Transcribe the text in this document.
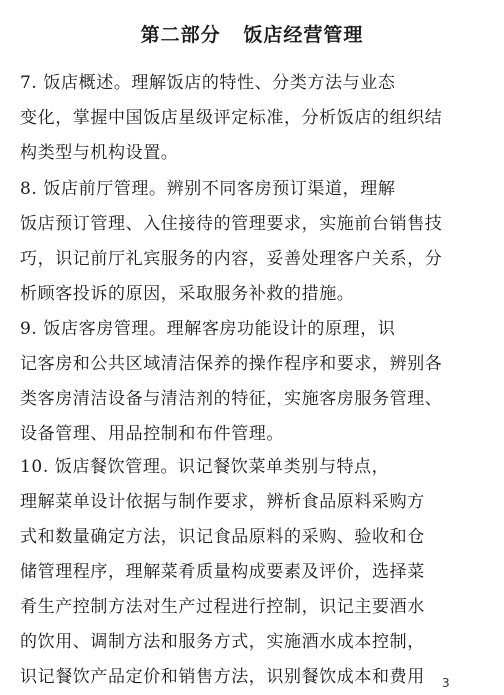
第二部分   饭店经营管理
7. 饭店概述。理解饭店的特性、分类方法与业态
变化，掌握中国饭店星级评定标准，分析饭店的组织结
构类型与机构设置。
8. 饭店前厅管理。辨别不同客房预订渠道，理解
饭店预订管理、入住接待的管理要求，实施前台销售技
巧，识记前厅礼宾服务的内容，妥善处理客户关系，分
析顾客投诉的原因，采取服务补救的措施。
9. 饭店客房管理。理解客房功能设计的原理，识
记客房和公共区域清洁保养的操作程序和要求，辨别各
类客房清洁设备与清洁剂的特征，实施客房服务管理、
设备管理、用品控制和布件管理。
10. 饭店餐饮管理。识记餐饮菜单类别与特点，
理解菜单设计依据与制作要求，辨析食品原料采购方
式和数量确定方法，识记食品原料的采购、验收和仓
储管理程序，理解菜肴质量构成要素及评价，选择菜
肴生产控制方法对生产过程进行控制，识记主要酒水
的饮用、调制方法和服务方式，实施酒水成本控制，
识记餐饮产品定价和销售方法，识别餐饮成本和费用	3
